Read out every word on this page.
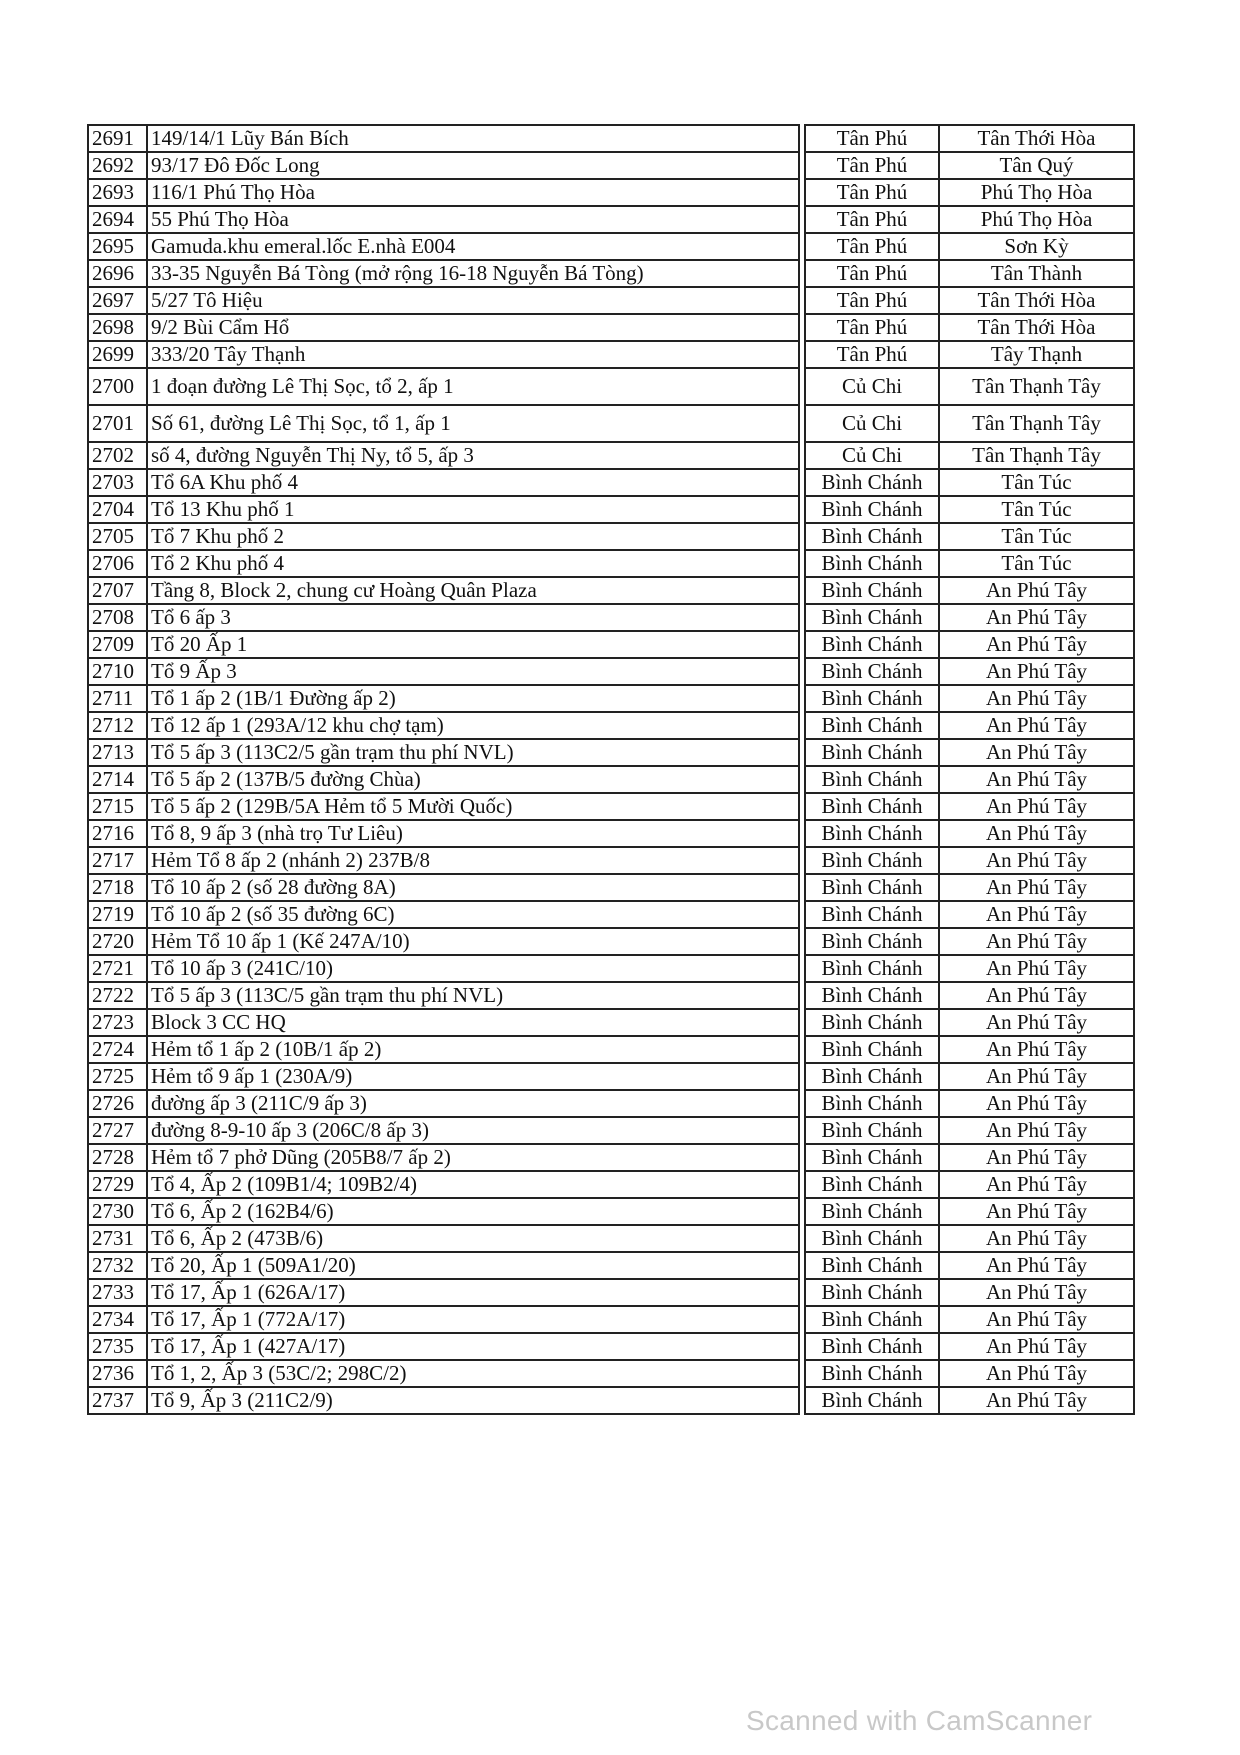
2691	149/14/1 Lũy Bán Bích		Tân Phú	Tân Thới Hòa
2692	93/17 Đô Đốc Long		Tân Phú	Tân Quý
2693	116/1 Phú Thọ Hòa		Tân Phú	Phú Thọ Hòa
2694	55 Phú Thọ Hòa		Tân Phú	Phú Thọ Hòa
2695	Gamuda.khu emeral.lốc E.nhà E004		Tân Phú	Sơn Kỳ
2696	33-35 Nguyễn Bá Tòng (mở rộng 16-18 Nguyễn Bá Tòng)		Tân Phú	Tân Thành
2697	5/27 Tô Hiệu		Tân Phú	Tân Thới Hòa
2698	9/2 Bùi Cẩm Hổ		Tân Phú	Tân Thới Hòa
2699	333/20 Tây Thạnh		Tân Phú	Tây Thạnh
2700	1 đoạn đường Lê Thị Sọc, tổ 2, ấp 1		Củ Chi	Tân Thạnh Tây
2701	Số 61, đường Lê Thị Sọc, tổ 1, ấp 1		Củ Chi	Tân Thạnh Tây
2702	số 4, đường Nguyễn Thị Ny, tổ 5, ấp 3		Củ Chi	Tân Thạnh Tây
2703	Tổ 6A Khu phố 4		Bình Chánh	Tân Túc
2704	Tổ 13 Khu phố 1		Bình Chánh	Tân Túc
2705	Tổ 7 Khu phố 2		Bình Chánh	Tân Túc
2706	Tổ 2 Khu phố 4		Bình Chánh	Tân Túc
2707	Tầng 8, Block 2, chung cư Hoàng Quân Plaza		Bình Chánh	An Phú Tây
2708	Tổ 6 ấp 3		Bình Chánh	An Phú Tây
2709	Tổ 20 Ấp 1		Bình Chánh	An Phú Tây
2710	Tổ 9 Ấp 3		Bình Chánh	An Phú Tây
2711	Tổ 1 ấp 2 (1B/1 Đường ấp 2)		Bình Chánh	An Phú Tây
2712	Tổ 12 ấp 1 (293A/12 khu chợ tạm)		Bình Chánh	An Phú Tây
2713	Tổ 5 ấp 3 (113C2/5 gần trạm thu phí NVL)		Bình Chánh	An Phú Tây
2714	Tổ 5 ấp 2 (137B/5 đường Chùa)		Bình Chánh	An Phú Tây
2715	Tổ 5 ấp 2 (129B/5A Hẻm tổ 5 Mười Quốc)		Bình Chánh	An Phú Tây
2716	Tổ 8, 9 ấp 3 (nhà trọ Tư Liêu)		Bình Chánh	An Phú Tây
2717	Hẻm Tổ 8 ấp 2 (nhánh 2) 237B/8		Bình Chánh	An Phú Tây
2718	Tổ 10 ấp 2 (số 28 đường 8A)		Bình Chánh	An Phú Tây
2719	Tổ 10 ấp 2 (số 35 đường 6C)		Bình Chánh	An Phú Tây
2720	Hẻm Tổ 10 ấp 1 (Kế 247A/10)		Bình Chánh	An Phú Tây
2721	Tổ 10 ấp 3 (241C/10)		Bình Chánh	An Phú Tây
2722	Tổ 5 ấp 3 (113C/5 gần trạm thu phí NVL)		Bình Chánh	An Phú Tây
2723	Block 3 CC HQ		Bình Chánh	An Phú Tây
2724	Hẻm tổ 1 ấp 2 (10B/1 ấp 2)		Bình Chánh	An Phú Tây
2725	Hẻm tổ 9 ấp 1 (230A/9)		Bình Chánh	An Phú Tây
2726	đường ấp 3 (211C/9 ấp 3)		Bình Chánh	An Phú Tây
2727	đường 8-9-10 ấp 3 (206C/8 ấp 3)		Bình Chánh	An Phú Tây
2728	Hẻm tổ 7 phở Dũng (205B8/7 ấp 2)		Bình Chánh	An Phú Tây
2729	Tổ 4, Ấp 2 (109B1/4; 109B2/4)		Bình Chánh	An Phú Tây
2730	Tổ 6, Ấp 2 (162B4/6)		Bình Chánh	An Phú Tây
2731	Tổ 6, Ấp 2 (473B/6)		Bình Chánh	An Phú Tây
2732	Tổ 20, Ấp 1 (509A1/20)		Bình Chánh	An Phú Tây
2733	Tổ 17, Ấp 1 (626A/17)		Bình Chánh	An Phú Tây
2734	Tổ 17, Ấp 1 (772A/17)		Bình Chánh	An Phú Tây
2735	Tổ 17, Ấp 1 (427A/17)		Bình Chánh	An Phú Tây
2736	Tổ 1, 2, Ấp 3 (53C/2; 298C/2)		Bình Chánh	An Phú Tây
2737	Tổ 9, Ấp 3 (211C2/9)		Bình Chánh	An Phú Tây
Scanned with CamScanner
